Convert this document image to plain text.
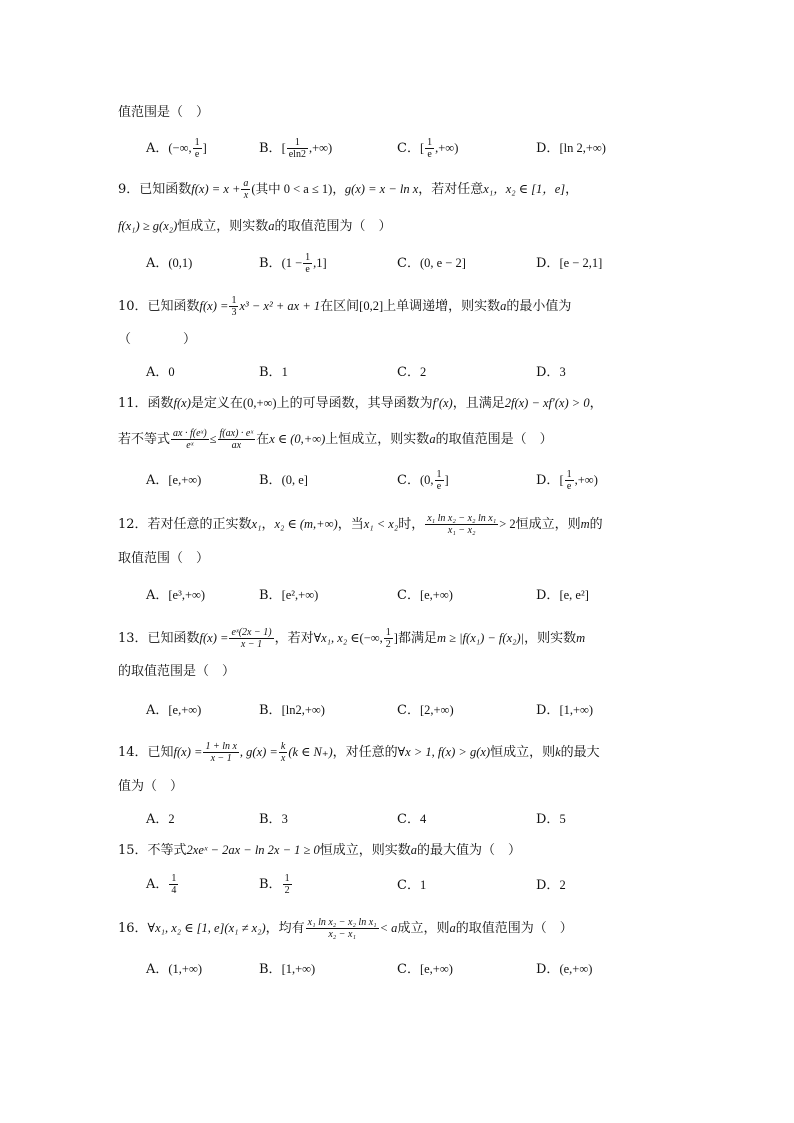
值范围是（　）
A．(−∞, $\frac{1}{e}$ ]	B．[ $\frac{1}{eln2}$ ,+∞)	C．[ $\frac{1}{e}$ ,+∞)	D．[ln 2,+∞)
9．已知函数$f(x) = x + \frac{a}{x}$ (其中 0 < a ≤ 1)，g(x) = x − ln x，若对任意x₁，x₂ ∈ [1，e]，
f(x₁) ≥ g(x₂)恒成立，则实数a的取值范围为（　）
A．(0,1)	B．$(1 - \frac{1}{e} ,1]$	C．(0, e − 2]	D．[e − 2,1]
10．已知函数$f(x) = \frac{1}{3} x^3 - x^2$ + ax + 1在区间[0,2]上单调递增，则实数a的最小值为
（　　　　）
A．0	B．1	C．2	D．3
11．函数f(x)是定义在(0,+∞)上的可导函数，其导函数为f′(x)，且满足2f(x) − xf′(x) > 0，
若不等式 $\frac{\text{ax · f(eˣ)}}{\text{eˣ}} \le \frac{\text{f(ax) · eˣ}}{ax}$ 在x ∈ (0,+∞)上恒成立，则实数a的取值范围是（　）
A．[e,+∞)	B．(0, e]	C．(0, $\frac{1}{e}$ ]	D．[ $\frac{1}{e}$ ,+∞)
12．若对任意的正实数x₁，x₂ ∈ (m,+∞)，当x₁ < x₂时， $\frac{\text{x₁ ln x₂ − x₂ ln x₁}}{\text{x₁ − x₂}} > 2$恒成立，则m的
取值范围（　）
A．[e³,+∞)	B．[e²,+∞)	C．[e,+∞)	D．[e, e²]
13．已知函数$f(x) = \frac{\text{eˣ(2x − 1)}}{x - 1}$ ，若对∀x₁, x₂ ∈(−∞, $\frac{1}{2}$ ]都满足m ≥ |f(x₁) − f(x₂)|，则实数m
的取值范围是（　）
A．[e,+∞)	B．[ln2,+∞)	C．[2,+∞)	D．[1,+∞)
14．已知$f(x) = \frac{\text{1 + ln x}}{x - 1}$ , $g(x) = \frac{k}{x} (k$ ∈ N₊)，对任意的∀x > 1, f(x) > g(x)恒成立，则k的最大
值为（　）
A．2	B．3	C．4	D．5
15．不等式2xeˣ − 2ax − ln 2x − 1 ≥ 0恒成立，则实数a的最大值为（　）
A． $\frac{1}{4}$	B． $\frac{1}{2}$	C．1	D．2
16．∀x₁, x₂ ∈ [1, e](x₁ ≠ x₂)，均有 $\frac{\text{x₁ ln x₂ − x₂ ln x₁}}{\text{x₂ − x₁}} < a$成立，则a的取值范围为（　）
A．(1,+∞)	B．[1,+∞)	C．[e,+∞)	D．(e,+∞)
